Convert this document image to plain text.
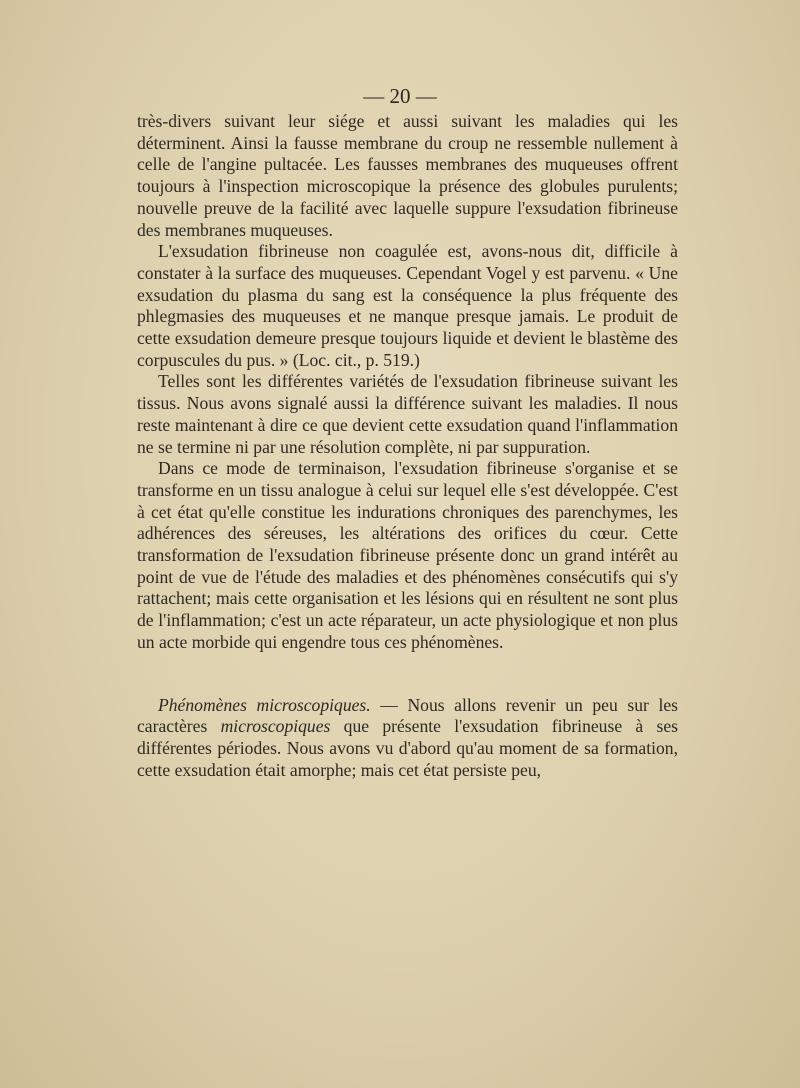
— 20 —

très-divers suivant leur siége et aussi suivant les maladies qui les déterminent. Ainsi la fausse membrane du croup ne ressemble nullement à celle de l'angine pultacée. Les fausses membranes des muqueuses offrent toujours à l'inspection microscopique la présence des globules purulents; nouvelle preuve de la facilité avec laquelle suppure l'exsudation fibrineuse des membranes muqueuses.

L'exsudation fibrineuse non coagulée est, avons-nous dit, difficile à constater à la surface des muqueuses. Cependant Vogel y est parvenu. « Une exsudation du plasma du sang est la conséquence la plus fréquente des phlegmasies des muqueuses et ne manque presque jamais. Le produit de cette exsudation demeure presque toujours liquide et devient le blastème des corpuscules du pus. » (Loc. cit., p. 519.)

Telles sont les différentes variétés de l'exsudation fibrineuse suivant les tissus. Nous avons signalé aussi la différence suivant les maladies. Il nous reste maintenant à dire ce que devient cette exsudation quand l'inflammation ne se termine ni par une résolution complète, ni par suppuration.

Dans ce mode de terminaison, l'exsudation fibrineuse s'organise et se transforme en un tissu analogue à celui sur lequel elle s'est développée. C'est à cet état qu'elle constitue les indurations chroniques des parenchymes, les adhérences des séreuses, les altérations des orifices du cœur. Cette transformation de l'exsudation fibrineuse présente donc un grand intérêt au point de vue de l'étude des maladies et des phénomènes consécutifs qui s'y rattachent; mais cette organisation et les lésions qui en résultent ne sont plus de l'inflammation; c'est un acte réparateur, un acte physiologique et non plus un acte morbide qui engendre tous ces phénomènes.

Phénomènes microscopiques. — Nous allons revenir un peu sur les caractères microscopiques que présente l'exsudation fibrineuse à ses différentes périodes. Nous avons vu d'abord qu'au moment de sa formation, cette exsudation était amorphe; mais cet état persiste peu,
